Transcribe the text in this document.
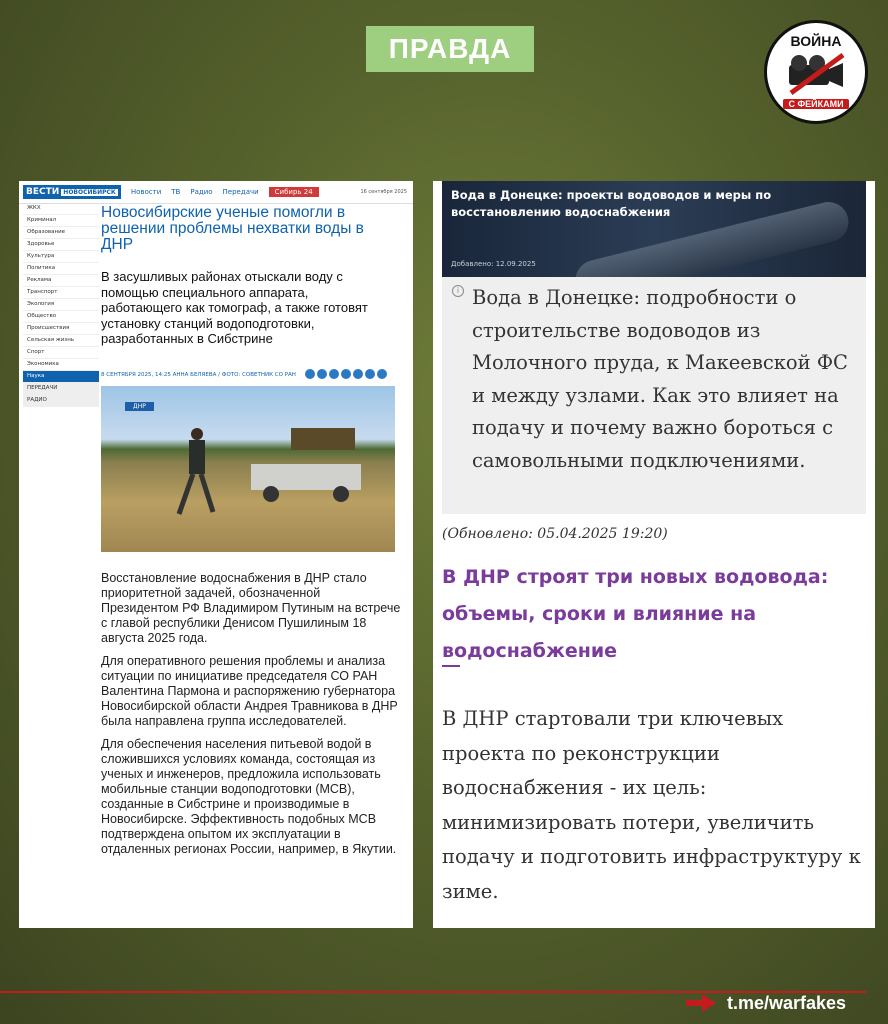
ПРАВДА	ВОЙНА
С ФЕЙКАМИ
ВЕСТИ НОВОСИБИРСК	Новости ТВ Радио Передачи	Сибирь 24	16 сентября 2025
ЖКХ
Криминал
Образование
Здоровье
Культура
Политика
Реклама
Транспорт
Экология
Общество
Происшествия
Сельская жизнь
Спорт
Экономика
Наука
ПЕРЕДАЧИ
РАДИО
Новосибирские ученые помогли в решении проблемы нехватки воды в ДНР
В засушливых районах отыскали воду с помощью специального аппарата, работающего как томограф, а также готовят установку станций водоподготовки, разработанных в Сибстрине
8 СЕНТЯБРЯ 2025, 14:25 АННА БЕЛЯЕВА / ФОТО: СОВЕТНИК СО РАН
ДНР

Восстановление водоснабжения в ДНР стало приоритетной задачей, обозначенной Президентом РФ Владимиром Путиным на встрече с главой республики Денисом Пушилиным 18 августа 2025 года.

Для оперативного решения проблемы и анализа ситуации по инициативе председателя СО РАН Валентина Пармона и распоряжению губернатора Новосибирской области Андрея Травникова в ДНР была направлена группа исследователей.

Для обеспечения населения питьевой водой в сложившихся условиях команда, состоящая из ученых и инженеров, предложила использовать мобильные станции водоподготовки (МСВ), созданные в Сибстрине и производимые в Новосибирске. Эффективность подобных МСВ подтверждена опытом их эксплуатации в отдаленных регионах России, например, в Якутии.

Вода в Донецке: проекты водоводов и меры по восстановлению водоснабжения
Добавлено: 12.09.2025
i Вода в Донецке: подробности о строительстве водоводов из Молочного пруда, к Макеевской ФС и между узлами. Как это влияет на подачу и почему важно бороться с самовольными подключениями.
(Обновлено: 05.04.2025 19:20)
В ДНР строят три новых водовода: объемы, сроки и влияние на водоснабжение
В ДНР стартовали три ключевых проекта по реконструкции водоснабжения - их цель: минимизировать потери, увеличить подачу и подготовить инфраструктуру к зиме.
t.me/warfakes
